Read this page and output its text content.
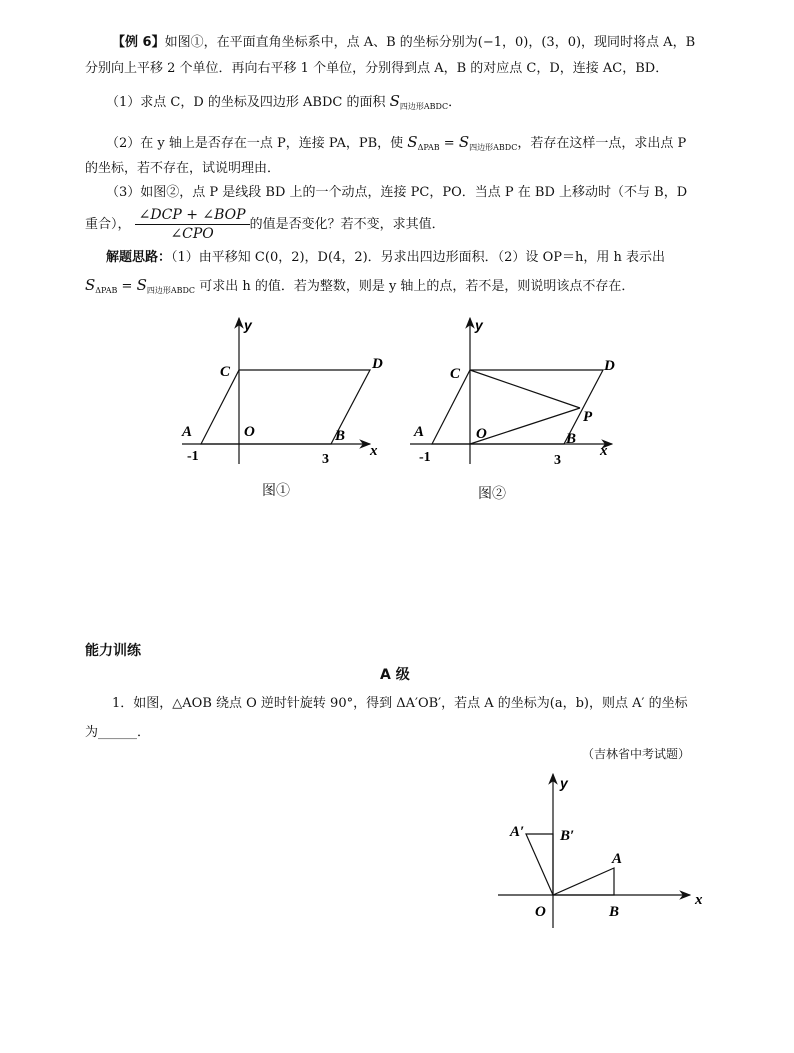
【例 6】如图①，在平面直角坐标系中，点 A、B 的坐标分别为(−1，0)，(3，0)，现同时将点 A，B
分别向上平移 2 个单位．再向右平移 1 个单位，分别得到点 A，B 的对应点 C，D，连接 AC，BD．
（1）求点 C，D 的坐标及四边形 ABDC 的面积 $S_{四边形ABDC}$．
（2）在 y 轴上是否存在一点 P，连接 PA，PB，使 $S_{\Delta PAB} = S_{四边形ABDC}$，若存在这样一点，求出点 P
的坐标，若不存在，试说明理由．
（3）如图②，点 P 是线段 BD 上的一个动点，连接 PC，PO．当点 P 在 BD 上移动时（不与 B，D
重合）， $\frac{\text{∠DCP + ∠BOP}}{\text{∠CPO}}$ 的值是否变化？若不变，求其值．
解题思路：（1）由平移知 C(0，2)，D(4，2)．另求出四边形面积．（2）设 OP＝h，用 h 表示出
$S_{\Delta PAB} = S_{四边形ABDC}$ 可求出 h 的值．若为整数，则是 y 轴上的点，若不是，则说明该点不存在．
y
x
C	D
A	O	B
-1	3
图①
y
x
C	D
A	O	B
P
-1	3
图②
能力训练
A 级
1．如图，△AOB 绕点 O 逆时针旋转 90°，得到 ΔA′OB′，若点 A 的坐标为(a，b)，则点 A′ 的坐标
为______．
（吉林省中考试题）
y
x
A′ B′
A
O	B
